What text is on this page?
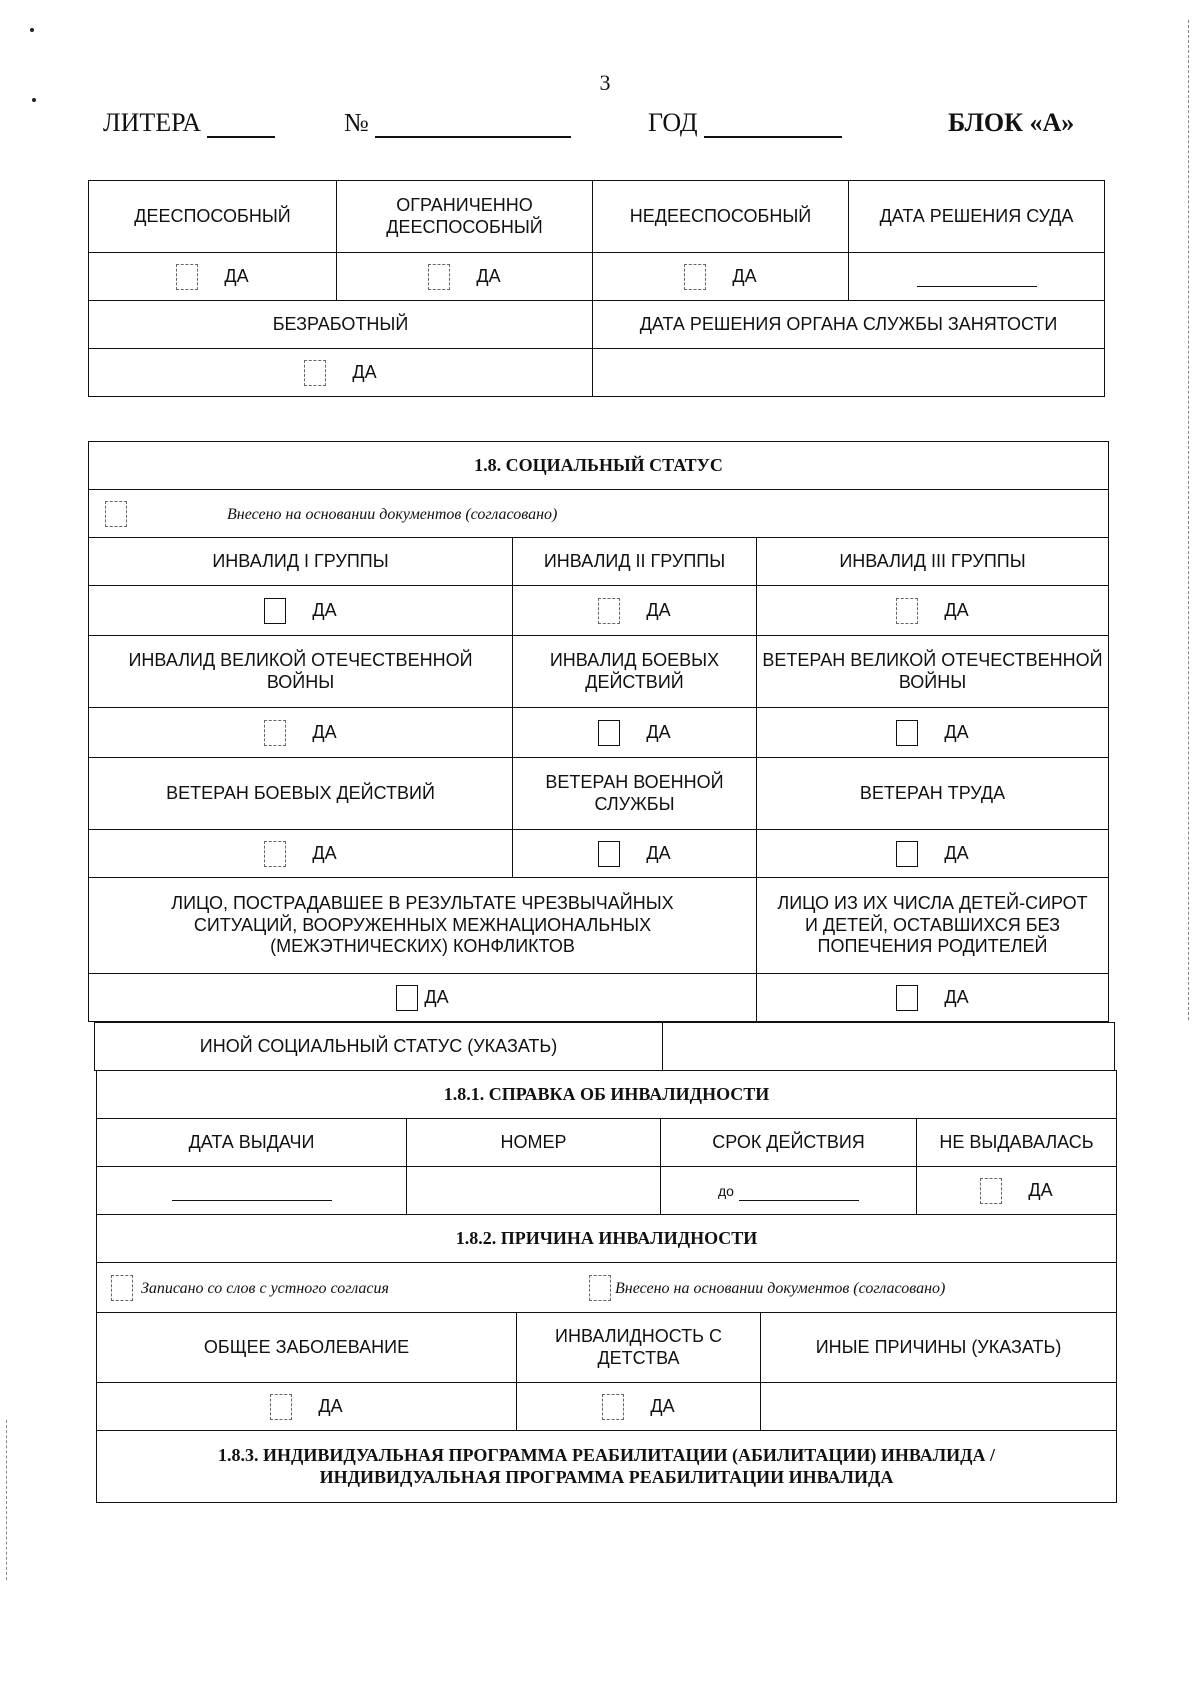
3
ЛИТЕРА	№	ГОД	БЛОК «А»
ДЕЕСПОСОБНЫЙ	ОГРАНИЧЕННО ДЕЕСПОСОБНЫЙ	НЕДЕЕСПОСОБНЫЙ	ДАТА РЕШЕНИЯ СУДА
ДА	ДА	ДА	
БЕЗРАБОТНЫЙ		ДАТА РЕШЕНИЯ ОРГАНА СЛУЖБЫ ЗАНЯТОСТИ	
ДА			
1.8. СОЦИАЛЬНЫЙ СТАТУС		
Внесено на основании документов (согласовано)		
ИНВАЛИД I ГРУППЫ	ИНВАЛИД II ГРУППЫ	ИНВАЛИД III ГРУППЫ
ДА	ДА	ДА
ИНВАЛИД ВЕЛИКОЙ ОТЕЧЕСТВЕННОЙ ВОЙНЫ	ИНВАЛИД БОЕВЫХ ДЕЙСТВИЙ	ВЕТЕРАН ВЕЛИКОЙ ОТЕЧЕСТВЕННОЙ ВОЙНЫ
ДА	ДА	ДА
ВЕТЕРАН БОЕВЫХ ДЕЙСТВИЙ	ВЕТЕРАН ВОЕННОЙ СЛУЖБЫ	ВЕТЕРАН ТРУДА
ДА	ДА	ДА
ЛИЦО, ПОСТРАДАВШЕЕ В РЕЗУЛЬТАТЕ ЧРЕЗВЫЧАЙНЫХ СИТУАЦИЙ, ВООРУЖЕННЫХ МЕЖНАЦИОНАЛЬНЫХ (МЕЖЭТНИЧЕСКИХ) КОНФЛИКТОВ		ЛИЦО ИЗ ИХ ЧИСЛА ДЕТЕЙ-СИРОТ И ДЕТЕЙ, ОСТАВШИХСЯ БЕЗ ПОПЕЧЕНИЯ РОДИТЕЛЕЙ
ДА		ДА
ИНОЙ СОЦИАЛЬНЫЙ СТАТУС (УКАЗАТЬ)	
1.8.1. СПРАВКА ОБ ИНВАЛИДНОСТИ			
ДАТА ВЫДАЧИ	НОМЕР	СРОК ДЕЙСТВИЯ	НЕ ВЫДАВАЛАСЬ
		до	ДА
1.8.2. ПРИЧИНА ИНВАЛИДНОСТИ		
Записано со слов с устного согласия Внесено на основании документов (согласовано)		
ОБЩЕЕ ЗАБОЛЕВАНИЕ	ИНВАЛИДНОСТЬ С ДЕТСТВА	ИНЫЕ ПРИЧИНЫ (УКАЗАТЬ)
ДА	ДА	
1.8.3. ИНДИВИДУАЛЬНАЯ ПРОГРАММА РЕАБИЛИТАЦИИ (АБИЛИТАЦИИ) ИНВАЛИДА / ИНДИВИДУАЛЬНАЯ ПРОГРАММА РЕАБИЛИТАЦИИ ИНВАЛИДА		
